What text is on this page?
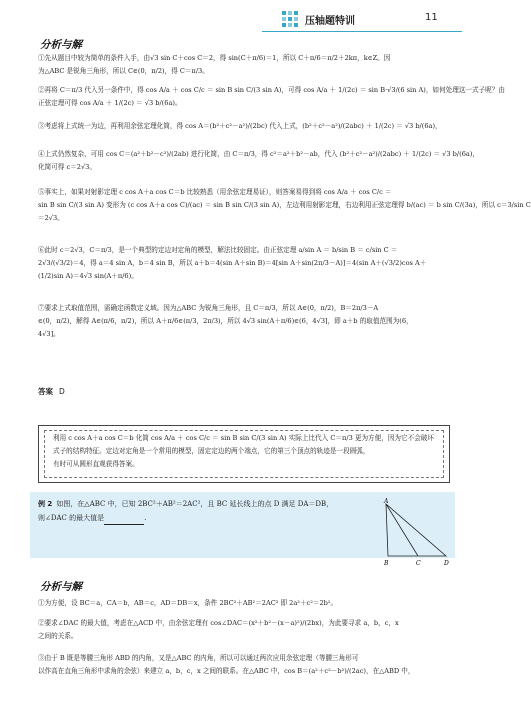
压轴题特训	11
分析与解
①先从题目中较为简单的条件入手，由√3 sin C＋cos C＝2，得 sin(C＋π/6)＝1，所以 C＋π/6＝π/2＋2kπ，k∈Z。因
为△ABC 是锐角三角形，所以 C∈(0，π/2)，得 C＝π/3。
②再将 C＝π/3 代入另一条件中，得 cos A/a ＋ cos C/c ＝ sin B sin C/(3 sin A)，可得 cos A/a ＋ 1/(2c) ＝ sin B·√3/(6 sin A)，如何处理这一式子呢？由
正弦定理可得 cos A/a ＋ 1/(2c) ＝ √3 b/(6a)。
③考虑将上式统一为边，再利用余弦定理化简，得 cos A＝(b²＋c²－a²)/(2bc) 代入上式，(b²＋c²－a²)/(2abc) ＋ 1/(2c) ＝ √3 b/(6a)，
④上式仍然复杂，可用 cos C＝(a²＋b²－c²)/(2ab) 进行化简，由 C＝π/3，得 c²＝a²＋b²－ab，代入 (b²＋c²－a²)/(2abc) ＋ 1/(2c) ＝ √3 b/(6a)，
化简可得 c＝2√3。
⑤事实上，如果对射影定理 c cos A＋a cos C＝b 比较熟悉（用余弦定理易证），则答案易得到将 cos A/a ＋ cos C/c ＝
sin B sin C/(3 sin A) 变形为 (c cos A＋a cos C)/(ac) ＝ sin B sin C/(3 sin A)，左边利用射影定理，右边利用正弦定理得 b/(ac) ＝ b sin C/(3a)，所以 c＝3/sin C
＝2√3。
⑥此时 c＝2√3，C＝π/3，是一个典型的定边对定角的模型，解法比较固定。由正弦定理 a/sin A ＝ b/sin B ＝ c/sin C ＝
2√3/(√3/2)＝4，得 a＝4 sin A，b＝4 sin B，所以 a＋b＝4(sin A＋sin B)＝4[sin A＋sin(2π/3－A)]＝4(sin A＋(√3/2)cos A＋
(1/2)sin A)＝4√3 sin(A＋π/6)。
⑦要求上式取值范围，需确定函数定义域。因为△ABC 为锐角三角形，且 C＝π/3，所以 A∈(0，π/2)，B＝2π/3－A
∈(0，π/2)，解得 A∈(π/6，π/2)，所以 A＋π/6∈(π/3，2π/3)，所以 4√3 sin(A＋π/6)∈(6，4√3]，即 a＋b 的取值范围为(6，
4√3]。
答案 D
解后反思
利用 c cos A＋a cos C＝b 化简 cos A/a ＋ cos C/c ＝ sin B sin C/(3 sin A) 实际上比代入 C＝π/3 更为方便，因为它不会破坏
式子的结构特征。定边对定角是一个常用的模型，固定定边的两个端点，它的第三个顶点的轨迹是一段圆弧，
有时可从圆形直观获得答案。
例 2 如图，在△ABC 中，已知 2BC²＋AB²＝2AC²，且 BC 延长线上的点 D 满足 DA＝DB，
则∠DAC 的最大值是	.
A
B	C	D
分析与解
①为方便，设 BC＝a，CA＝b，AB＝c，AD＝DB＝x，条件 2BC²＋AB²＝2AC² 即 2a²＋c²＝2b²。
②要求∠DAC 的最大值，考虑在△ACD 中，由余弦定理有 cos∠DAC＝(x²＋b²－(x－a)²)/(2bx)，为此要寻求 a，b，c，x
之间的关系。
③由于 B 既是等腰三角形 ABD 的内角，又是△ABC 的内角，所以可以通过两次应用余弦定理（等腰三角形可
以作高在直角三角形中求角的余弦）来建立 a，b，c，x 之间的联系。在△ABC 中，cos B＝(a²＋c²－b²)/(2ac)，在△ABD 中，
